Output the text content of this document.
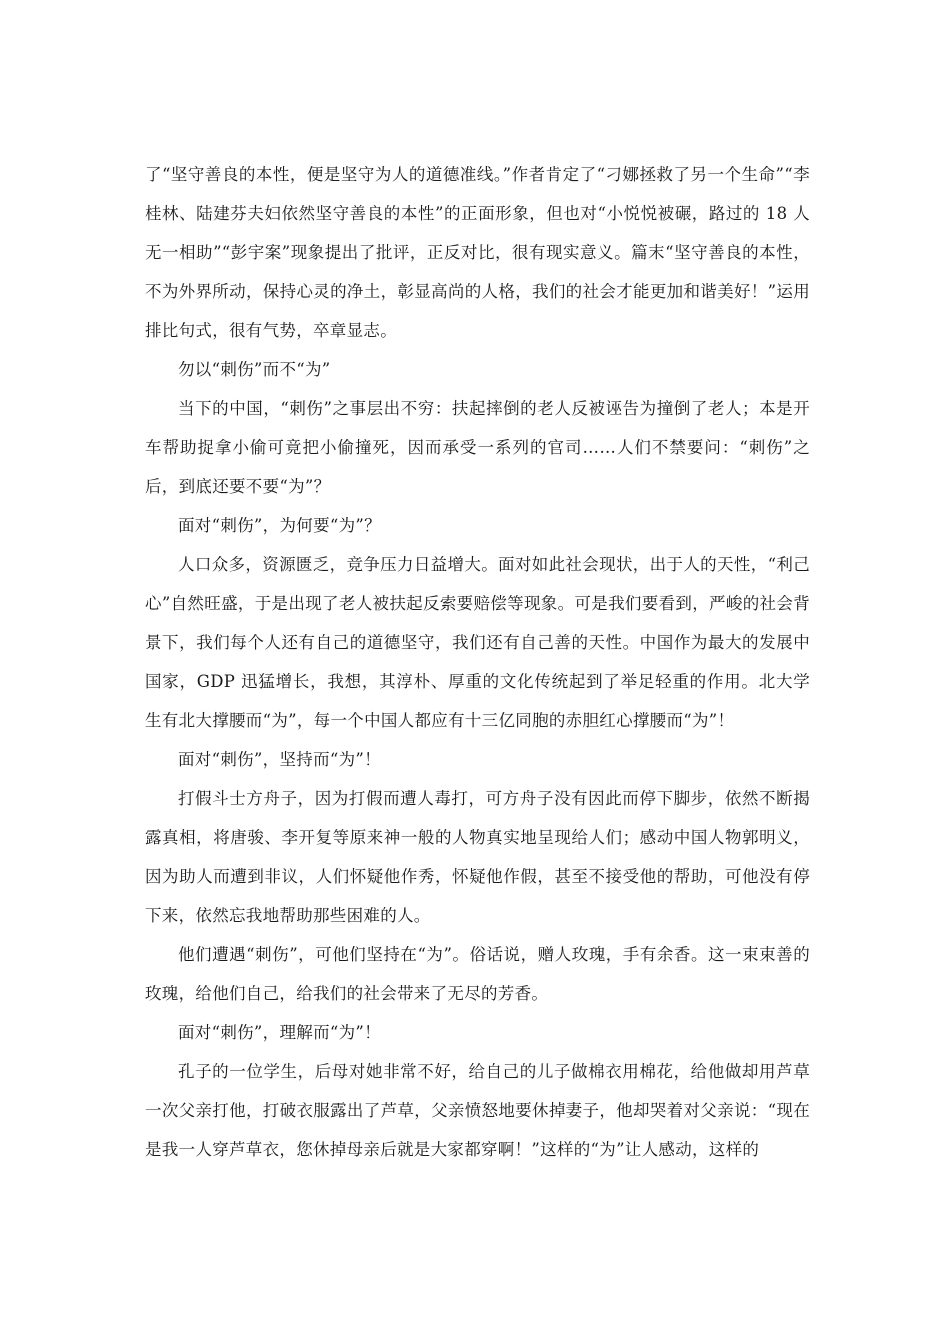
了“坚守善良的本性，便是坚守为人的道德准线。”作者肯定了“刁娜拯救了另一个生命”“李桂林、陆建芬夫妇依然坚守善良的本性”的正面形象，但也对“小悦悦被碾，路过的 18 人无一相助”“彭宇案”现象提出了批评，正反对比，很有现实意义。篇末“坚守善良的本性，不为外界所动，保持心灵的净土，彰显高尚的人格，我们的社会才能更加和谐美好！”运用排比句式，很有气势，卒章显志。

勿以“刺伤”而不“为”

当下的中国，“刺伤”之事层出不穷：扶起摔倒的老人反被诬告为撞倒了老人；本是开车帮助捉拿小偷可竟把小偷撞死，因而承受一系列的官司……人们不禁要问：“刺伤”之后，到底还要不要“为”？

面对“刺伤”，为何要“为”？

人口众多，资源匮乏，竞争压力日益增大。面对如此社会现状，出于人的天性，“利己心”自然旺盛，于是出现了老人被扶起反索要赔偿等现象。可是我们要看到，严峻的社会背景下，我们每个人还有自己的道德坚守，我们还有自己善的天性。中国作为最大的发展中国家，GDP 迅猛增长，我想，其淳朴、厚重的文化传统起到了举足轻重的作用。北大学生有北大撑腰而“为”，每一个中国人都应有十三亿同胞的赤胆红心撑腰而“为”！

面对“刺伤”，坚持而“为”！

打假斗士方舟子，因为打假而遭人毒打，可方舟子没有因此而停下脚步，依然不断揭露真相，将唐骏、李开复等原来神一般的人物真实地呈现给人们；感动中国人物郭明义，因为助人而遭到非议，人们怀疑他作秀，怀疑他作假，甚至不接受他的帮助，可他没有停下来，依然忘我地帮助那些困难的人。

他们遭遇“刺伤”，可他们坚持在“为”。俗话说，赠人玫瑰，手有余香。这一束束善的玫瑰，给他们自己，给我们的社会带来了无尽的芳香。

面对“刺伤”，理解而“为”！

孔子的一位学生，后母对她非常不好，给自己的儿子做棉衣用棉花，给他做却用芦草一次父亲打他，打破衣服露出了芦草，父亲愤怒地要休掉妻子，他却哭着对父亲说：“现在是我一人穿芦草衣，您休掉母亲后就是大家都穿啊！”这样的“为”让人感动，这样的
